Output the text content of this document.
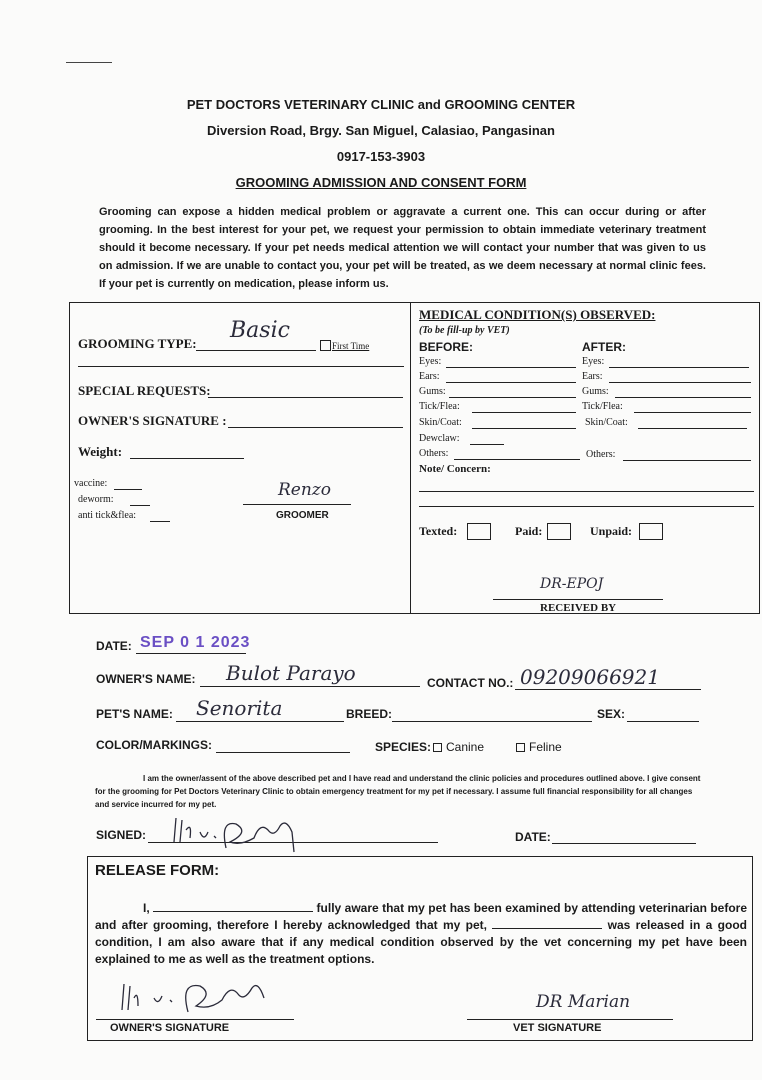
PET DOCTORS VETERINARY CLINIC and GROOMING CENTER
Diversion Road, Brgy. San Miguel, Calasiao, Pangasinan
0917-153-3903
GROOMING ADMISSION AND CONSENT FORM
Grooming can expose a hidden medical problem or aggravate a current one. This can occur during or after grooming. In the best interest for your pet, we request your permission to obtain immediate veterinary treatment should it become necessary. If your pet needs medical attention we will contact your number that was given to us on admission. If we are unable to contact you, your pet will be treated, as we deem necessary at normal clinic fees. If your pet is currently on medication, please inform us.
GROOMING TYPE:
Basic
First Time
SPECIAL REQUESTS:
OWNER'S SIGNATURE :
Weight:
vaccine:
deworm:
anti tick&flea:
Renzo
GROOMER
MEDICAL CONDITION(S) OBSERVED:
(To be fill-up by VET)
BEFORE:	AFTER:
Eyes:	Eyes:
Ears:	Ears:
Gums:	Gums:
Tick/Flea:	Tick/Flea:
Skin/Coat:	Skin/Coat:
Dewclaw:
Others:	Others:
Note/ Concern:
Texted:	Paid:	Unpaid:
DR-EPOJ
RECEIVED BY
DATE: SEP 0 1 2023
OWNER'S NAME: Bulot Parayo	CONTACT NO.: 09209066921
PET'S NAME: Senorita	BREED:	SEX:
COLOR/MARKINGS:	SPECIES:	Canine	Feline
I am the owner/assent of the above described pet and I have read and understand the clinic policies and procedures outlined above. I give consent for the grooming for Pet Doctors Veterinary Clinic to obtain emergency treatment for my pet if necessary. I assume full financial responsibility for all changes and service incurred for my pet.
SIGNED:	DATE:
RELEASE FORM:
I,	fully aware that my pet has been examined by attending veterinarian before and after grooming, therefore I hereby acknowledged that my pet,	was released in a good condition, I am also aware that if any medical condition observed by the vet concerning my pet have been explained to me as well as the treatment options.
OWNER'S SIGNATURE
DR Marian
VET SIGNATURE
